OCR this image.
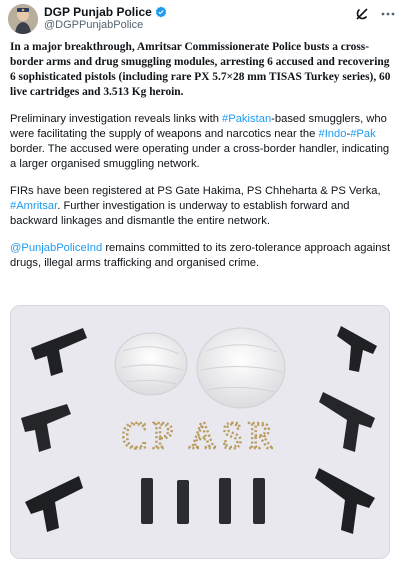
DGP Punjab Police
@DGPPunjabPolice

In a major breakthrough, Amritsar Commissionerate Police busts a cross-border arms and drug smuggling modules, arresting 6 accused and recovering 6 sophisticated pistols (including rare PX 5.7×28 mm TISAS Turkey series), 60 live cartridges and 3.513 Kg heroin.

Preliminary investigation reveals links with #Pakistan-based smugglers, who were facilitating the supply of weapons and narcotics near the #Indo-#Pak border. The accused were operating under a cross-border handler, indicating a larger organised smuggling network.

FIRs have been registered at PS Gate Hakima, PS Chheharta & PS Verka, #Amritsar. Further investigation is underway to establish forward and backward linkages and dismantle the entire network.

@PunjabPoliceInd remains committed to its zero-tolerance approach against drugs, illegal arms trafficking and organised crime.

CP ASR
